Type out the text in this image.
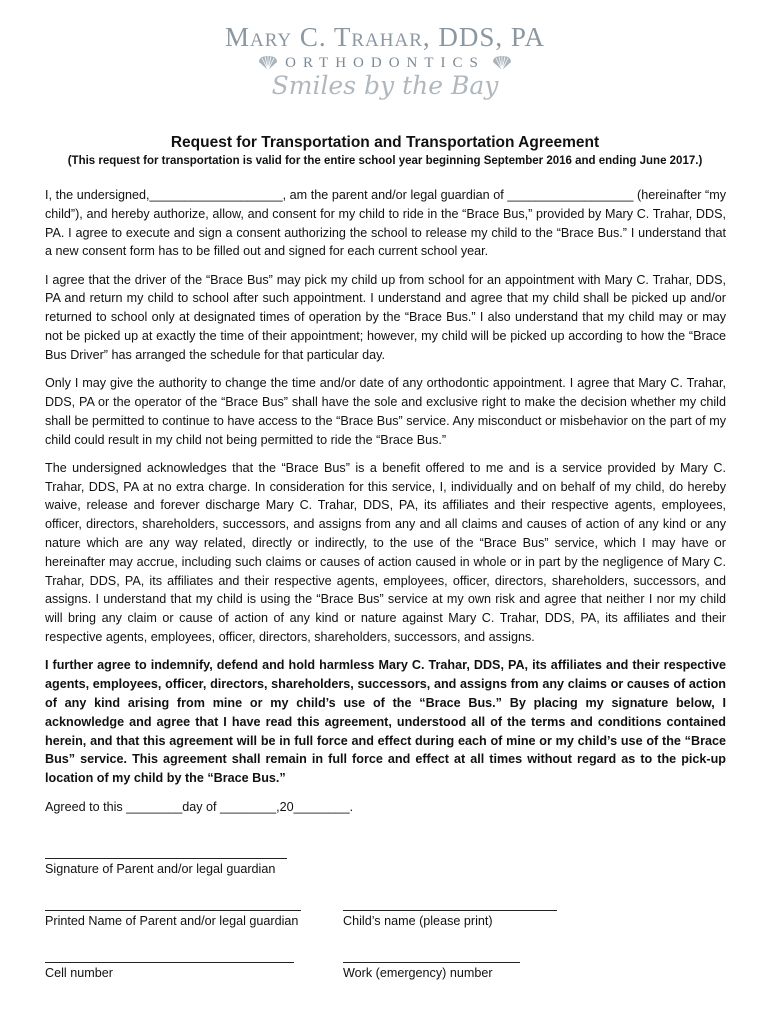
Mary C. Trahar, DDS, PA
ORTHODONTICS
Smiles by the Bay
Request for Transportation and Transportation Agreement
(This request for transportation is valid for the entire school year beginning September 2016 and ending June 2017.)

I, the undersigned,___________________, am the parent and/or legal guardian of __________________ (hereinafter “my child”), and hereby authorize, allow, and consent for my child to ride in the “Brace Bus,” provided by Mary C. Trahar, DDS, PA. I agree to execute and sign a consent authorizing the school to release my child to the “Brace Bus.” I understand that a new consent form has to be filled out and signed for each current school year.

I agree that the driver of the “Brace Bus” may pick my child up from school for an appointment with Mary C. Trahar, DDS, PA and return my child to school after such appointment. I understand and agree that my child shall be picked up and/or returned to school only at designated times of operation by the “Brace Bus.” I also understand that my child may or may not be picked up at exactly the time of their appointment; however, my child will be picked up according to how the “Brace Bus Driver” has arranged the schedule for that particular day.

Only I may give the authority to change the time and/or date of any orthodontic appointment. I agree that Mary C. Trahar, DDS, PA or the operator of the “Brace Bus” shall have the sole and exclusive right to make the decision whether my child shall be permitted to continue to have access to the “Brace Bus” service. Any misconduct or misbehavior on the part of my child could result in my child not being permitted to ride the “Brace Bus.”

The undersigned acknowledges that the “Brace Bus” is a benefit offered to me and is a service provided by Mary C. Trahar, DDS, PA at no extra charge. In consideration for this service, I, individually and on behalf of my child, do hereby waive, release and forever discharge Mary C. Trahar, DDS, PA, its affiliates and their respective agents, employees, officer, directors, shareholders, successors, and assigns from any and all claims and causes of action of any kind or any nature which are any way related, directly or indirectly, to the use of the “Brace Bus” service, which I may have or hereinafter may accrue, including such claims or causes of action caused in whole or in part by the negligence of Mary C. Trahar, DDS, PA, its affiliates and their respective agents, employees, officer, directors, shareholders, successors, and assigns. I understand that my child is using the “Brace Bus” service at my own risk and agree that neither I nor my child will bring any claim or cause of action of any kind or nature against Mary C. Trahar, DDS, PA, its affiliates and their respective agents, employees, officer, directors, shareholders, successors, and assigns.

I further agree to indemnify, defend and hold harmless Mary C. Trahar, DDS, PA, its affiliates and their respective agents, employees, officer, directors, shareholders, successors, and assigns from any claims or causes of action of any kind arising from mine or my child’s use of the “Brace Bus.” By placing my signature below, I acknowledge and agree that I have read this agreement, understood all of the terms and conditions contained herein, and that this agreement will be in full force and effect during each of mine or my child’s use of the “Brace Bus” service. This agreement shall remain in full force and effect at all times without regard as to the pick-up location of my child by the “Brace Bus.”

Agreed to this ________day of ________,20________.
Signature of Parent and/or legal guardian
Printed Name of Parent and/or legal guardian	Child’s name (please print)
Cell number	Work (emergency) number
